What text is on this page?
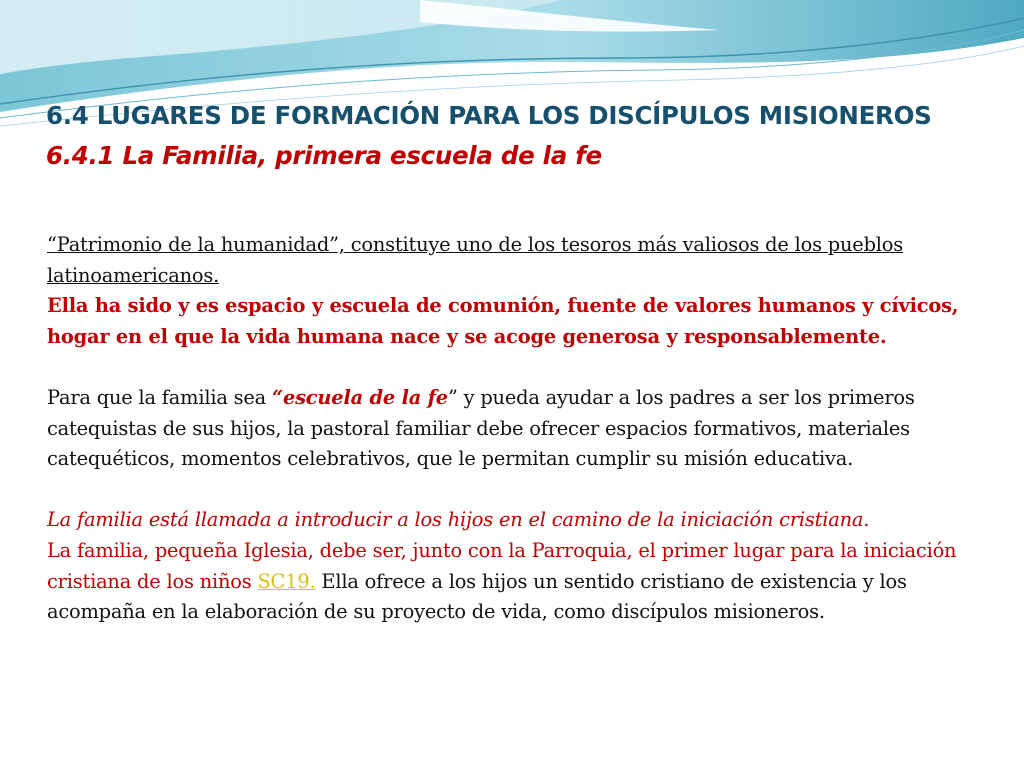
6.4 LUGARES DE FORMACIÓN PARA LOS DISCÍPULOS MISIONEROS
6.4.1 La Familia, primera escuela de la fe

“Patrimonio de la humanidad”, constituye uno de los tesoros más valiosos de los pueblos latinoamericanos.

Ella ha sido y es espacio y escuela de comunión, fuente de valores humanos y cívicos, hogar en el que la vida humana nace y se acoge generosa y responsablemente.

Para que la familia sea “escuela de la fe” y pueda ayudar a los padres a ser los primeros catequistas de sus hijos, la pastoral familiar debe ofrecer espacios formativos, materiales catequéticos, momentos celebrativos, que le permitan cumplir su misión educativa.

La familia está llamada a introducir a los hijos en el camino de la iniciación cristiana.

La familia, pequeña Iglesia, debe ser, junto con la Parroquia, el primer lugar para la iniciación cristiana de los niños SC19. Ella ofrece a los hijos un sentido cristiano de existencia y los acompaña en la elaboración de su proyecto de vida, como discípulos misioneros.
